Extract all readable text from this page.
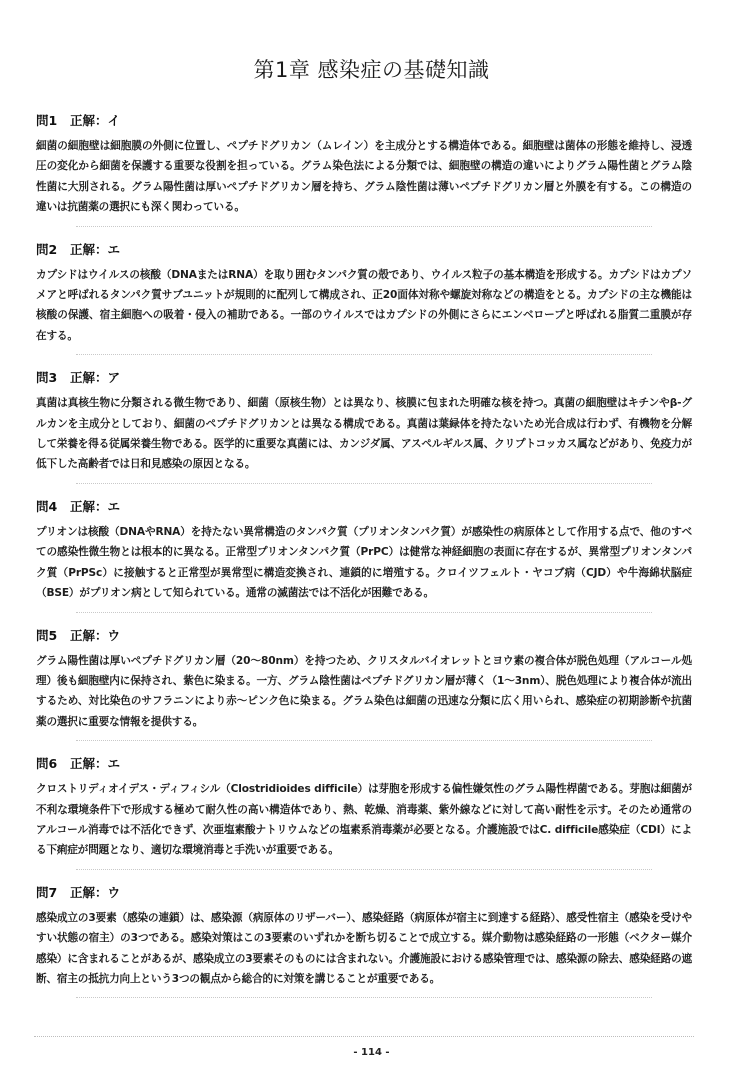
第1章 感染症の基礎知識
問1 正解：イ
細菌の細胞壁は細胞膜の外側に位置し、ペプチドグリカン（ムレイン）を主成分とする構造体である。細胞壁は菌体の形態を維持し、浸透圧の変化から細菌を保護する重要な役割を担っている。グラム染色法による分類では、細胞壁の構造の違いによりグラム陽性菌とグラム陰性菌に大別される。グラム陽性菌は厚いペプチドグリカン層を持ち、グラム陰性菌は薄いペプチドグリカン層と外膜を有する。この構造の違いは抗菌薬の選択にも深く関わっている。
問2 正解：エ
カプシドはウイルスの核酸（DNAまたはRNA）を取り囲むタンパク質の殻であり、ウイルス粒子の基本構造を形成する。カプシドはカプソメアと呼ばれるタンパク質サブユニットが規則的に配列して構成され、正20面体対称や螺旋対称などの構造をとる。カプシドの主な機能は核酸の保護、宿主細胞への吸着・侵入の補助である。一部のウイルスではカプシドの外側にさらにエンベロープと呼ばれる脂質二重膜が存在する。
問3 正解：ア
真菌は真核生物に分類される微生物であり、細菌（原核生物）とは異なり、核膜に包まれた明確な核を持つ。真菌の細胞壁はキチンやβ-グルカンを主成分としており、細菌のペプチドグリカンとは異なる構成である。真菌は葉緑体を持たないため光合成は行わず、有機物を分解して栄養を得る従属栄養生物である。医学的に重要な真菌には、カンジダ属、アスペルギルス属、クリプトコッカス属などがあり、免疫力が低下した高齢者では日和見感染の原因となる。
問4 正解：エ
プリオンは核酸（DNAやRNA）を持たない異常構造のタンパク質（プリオンタンパク質）が感染性の病原体として作用する点で、他のすべての感染性微生物とは根本的に異なる。正常型プリオンタンパク質（PrPC）は健常な神経細胞の表面に存在するが、異常型プリオンタンパク質（PrPSc）に接触すると正常型が異常型に構造変換され、連鎖的に増殖する。クロイツフェルト・ヤコブ病（CJD）や牛海綿状脳症（BSE）がプリオン病として知られている。通常の滅菌法では不活化が困難である。
問5 正解：ウ
グラム陽性菌は厚いペプチドグリカン層（20〜80nm）を持つため、クリスタルバイオレットとヨウ素の複合体が脱色処理（アルコール処理）後も細胞壁内に保持され、紫色に染まる。一方、グラム陰性菌はペプチドグリカン層が薄く（1〜3nm）、脱色処理により複合体が流出するため、対比染色のサフラニンにより赤〜ピンク色に染まる。グラム染色は細菌の迅速な分類に広く用いられ、感染症の初期診断や抗菌薬の選択に重要な情報を提供する。
問6 正解：エ
クロストリディオイデス・ディフィシル（Clostridioides difficile）は芽胞を形成する偏性嫌気性のグラム陽性桿菌である。芽胞は細菌が不利な環境条件下で形成する極めて耐久性の高い構造体であり、熱、乾燥、消毒薬、紫外線などに対して高い耐性を示す。そのため通常のアルコール消毒では不活化できず、次亜塩素酸ナトリウムなどの塩素系消毒薬が必要となる。介護施設ではC. difficile感染症（CDI）による下痢症が問題となり、適切な環境消毒と手洗いが重要である。
問7 正解：ウ
感染成立の3要素（感染の連鎖）は、感染源（病原体のリザーバー）、感染経路（病原体が宿主に到達する経路）、感受性宿主（感染を受けやすい状態の宿主）の3つである。感染対策はこの3要素のいずれかを断ち切ることで成立する。媒介動物は感染経路の一形態（ベクター媒介感染）に含まれることがあるが、感染成立の3要素そのものには含まれない。介護施設における感染管理では、感染源の除去、感染経路の遮断、宿主の抵抗力向上という3つの観点から総合的に対策を講じることが重要である。
- 114 -
